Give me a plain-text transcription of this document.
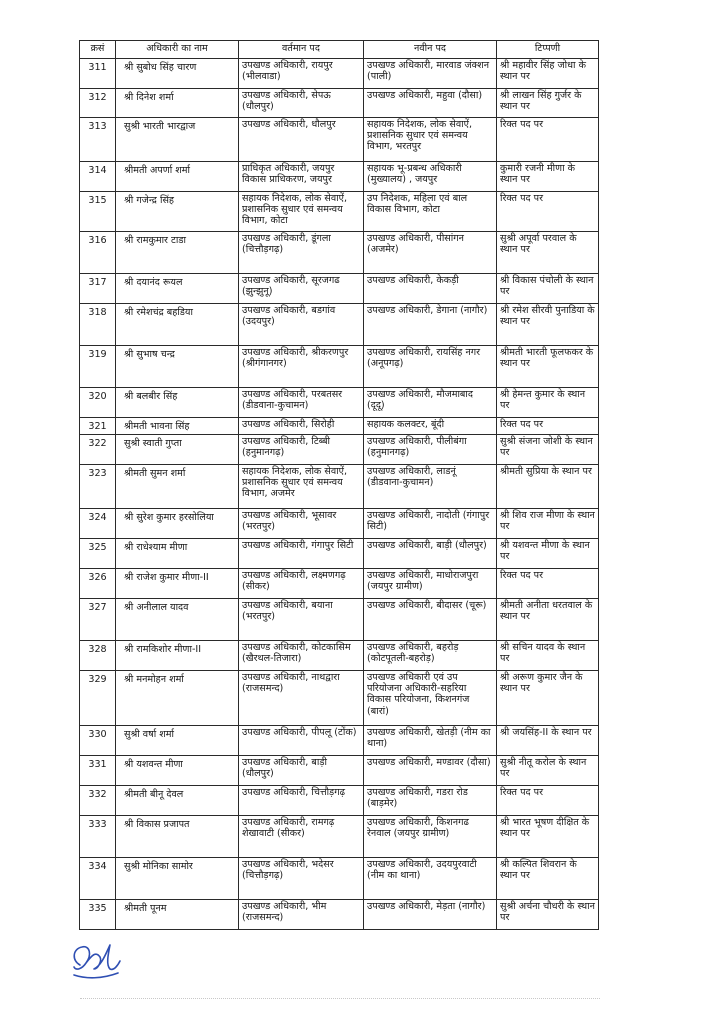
क्रसं	अधिकारी का नाम	वर्तमान पद	नवीन पद	टिप्पणी
311	श्री सुबोध सिंह चारण	उपखण्ड अधिकारी, रायपुर (भीलवाडा)	उपखण्ड अधिकारी, मारवाड जंक्शन (पाली)	श्री महावीर सिंह जोधा के स्थान पर
312	श्री दिनेश शर्मा	उपखण्ड अधिकारी, सेपऊ (धौलपुर)	उपखण्ड अधिकारी, महुवा (दौसा)	श्री लाखन सिंह गुर्जर के स्थान पर
313	सुश्री भारती भारद्वाज	उपखण्ड अधिकारी, धौलपुर	सहायक निदेशक, लोक सेवाऐं, प्रशासनिक सुधार एवं समन्वय विभाग, भरतपुर	रिक्त पद पर
314	श्रीमती अपर्णा शर्मा	प्राधिकृत अधिकारी, जयपुर विकास प्राधिकरण, जयपुर	सहायक भू-प्रबन्ध अधिकारी (मुख्यालय) , जयपुर	कुमारी रजनी मीणा के स्थान पर
315	श्री गजेन्द्र सिंह	सहायक निदेशक, लोक सेवाऐं, प्रशासनिक सुधार एवं समन्वय विभाग, कोटा	उप निदेशक, महिला एवं बाल विकास विभाग, कोटा	रिक्त पद पर
316	श्री रामकुमार टाडा	उपखण्ड अधिकारी, डूंगला (चित्तौड़गढ़)	उपखण्ड अधिकारी, पीसांगन (अजमेर)	सुश्री अपूर्वा परवाल के स्थान पर
317	श्री दयानंद रूयल	उपखण्ड अधिकारी, सूरजगढ (झुन्झुनू)	उपखण्ड अधिकारी, केकड़ी	श्री विकास पंचोली के स्थान पर
318	श्री रमेशचंद्र बहडिया	उपखण्ड अधिकारी, बडगांव (उदयपुर)	उपखण्ड अधिकारी, डेगाना (नागौर)	श्री रमेश सीरवी पुनाडिया के स्थान पर
319	श्री सुभाष चन्द्र	उपखण्ड अधिकारी, श्रीकरणपुर (श्रीगंगानगर)	उपखण्ड अधिकारी, रायसिंह नगर (अनूपगढ़)	श्रीमती भारती फूलफकर के स्थान पर
320	श्री बलबीर सिंह	उपखण्ड अधिकारी, परबतसर (डीडवाना-कुचामन)	उपखण्ड अधिकारी, मौजमाबाद (दूदू)	श्री हेमन्त कुमार के स्थान पर
321	श्रीमती भावना सिंह	उपखण्ड अधिकारी, सिरोही	सहायक कलक्टर, बूंदी	रिक्त पद पर
322	सुश्री स्वाती गुप्ता	उपखण्ड अधिकारी, टिब्बी (हनुमानगढ़)	उपखण्ड अधिकारी, पीलीबंगा (हनुमानगढ़)	सुश्री संजना जोशी के स्थान पर
323	श्रीमती सुमन शर्मा	सहायक निदेशक, लोक सेवाऐं, प्रशासनिक सुधार एवं समन्वय विभाग, अजमेर	उपखण्ड अधिकारी, लाडनूं (डीडवाना-कुचामन)	श्रीमती सुप्रिया के स्थान पर
324	श्री सुरेश कुमार हरसोलिया	उपखण्ड अधिकारी, भूसावर (भरतपुर)	उपखण्ड अधिकारी, नादोती (गंगापुर सिटी)	श्री शिव राज मीणा के स्थान पर
325	श्री राधेश्याम मीणा	उपखण्ड अधिकारी, गंगापुर सिटी	उपखण्ड अधिकारी, बाड़ी (धौलपुर)	श्री यशवन्त मीणा के स्थान पर
326	श्री राजेश कुमार मीणा-II	उपखण्ड अधिकारी, लक्ष्मणगढ़ (सीकर)	उपखण्ड अधिकारी, माधोराजपुरा (जयपुर ग्रामीण)	रिक्त पद पर
327	श्री अनीलाल यादव	उपखण्ड अधिकारी, बयाना (भरतपुर)	उपखण्ड अधिकारी, बीदासर (चूरू)	श्रीमती अनीता धरतवाल के स्थान पर
328	श्री रामकिशोर मीणा-II	उपखण्ड अधिकारी, कोटकासिम (खैरथल-तिजारा)	उपखण्ड अधिकारी, बहरोड़ (कोटपूतली-बहरोड़)	श्री सचिन यादव के स्थान पर
329	श्री मनमोहन शर्मा	उपखण्ड अधिकारी, नाथद्वारा (राजसमन्द)	उपखण्ड अधिकारी एवं उप परियोजना अधिकारी-सहरिया विकास परियोजना, किशनगंज (बारां)	श्री अरूण कुमार जैन के स्थान पर
330	सुश्री वर्षा शर्मा	उपखण्ड अधिकारी, पीपलू (टोंक)	उपखण्ड अधिकारी, खेतड़ी (नीम का थाना)	श्री जयसिंह-II के स्थान पर
331	श्री यशवन्त मीणा	उपखण्ड अधिकारी, बाड़ी (धौलपुर)	उपखण्ड अधिकारी, मण्डावर (दौसा)	सुश्री नीतू करोल के स्थान पर
332	श्रीमती बीनू देवल	उपखण्ड अधिकारी, चित्तौड़गढ़	उपखण्ड अधिकारी, गडरा रोड (बाड़मेर)	रिक्त पद पर
333	श्री विकास प्रजापत	उपखण्ड अधिकारी, रामगढ़ शेखावाटी (सीकर)	उपखण्ड अधिकारी, किशनगढ रेनवाल (जयपुर ग्रामीण)	श्री भारत भूषण दीक्षित के स्थान पर
334	सुश्री मोनिका सामोर	उपखण्ड अधिकारी, भदेसर (चित्तौड़गढ़)	उपखण्ड अधिकारी, उदयपुरवाटी (नीम का थाना)	श्री कल्पित शिवरान के स्थान पर
335	श्रीमती पूनम	उपखण्ड अधिकारी, भीम (राजसमन्द)	उपखण्ड अधिकारी, मेड़ता (नागौर)	सुश्री अर्चना चौधरी के स्थान पर
